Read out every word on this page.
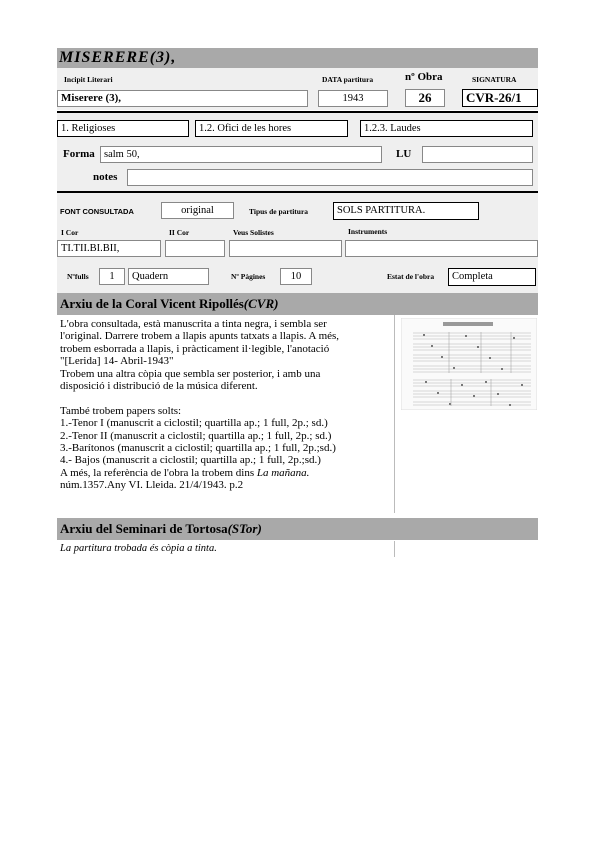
MISERERE(3),
Incipit Literari	DATA partitura	nº Obra	SIGNATURA
Miserere (3),	1943	26	CVR-26/1
1. Religioses	1.2. Ofici de les hores	1.2.3. Laudes
Forma salm 50,	LU
notes
FONT CONSULTADA	original	Tipus de partitura	SOLS PARTITURA.
I Cor	II Cor	Veus Solistes	Instruments
TI.TII.BI.BII,
Nºfulls	1	Quadern	Nº Pàgines	10	Estat de l'obra	Completa
Arxiu de la Coral Vicent Ripollés(CVR)
L'obra consultada, està manuscrita a tinta negra, i sembla ser
l'original. Darrere trobem a llapis apunts tatxats a llapis. A més,
trobem esborrada a llapis, i pràcticament il·legible, l'anotació
"[Lerida] 14- Abril-1943"
Trobem una altra còpia que sembla ser posterior, i amb una
disposició i distribució de la música diferent.
També trobem papers solts:
1.-Tenor I (manuscrit a ciclostil; quartilla ap.; 1 full, 2p.; sd.)
2.-Tenor II (manuscrit a ciclostil; quartilla ap.; 1 full, 2p.; sd.)
3.-Barítonos (manuscrit a ciclostil; quartilla ap.; 1 full, 2p.;sd.)
4.- Bajos (manuscrit a ciclostil; quartilla ap.; 1 full, 2p.;sd.)
A més, la referència de l'obra la trobem dins La mañana.
núm.1357.Any VI. Lleida. 21/4/1943. p.2
Arxiu del Seminari de Tortosa(STor)
La partitura trobada és còpia a tinta.
